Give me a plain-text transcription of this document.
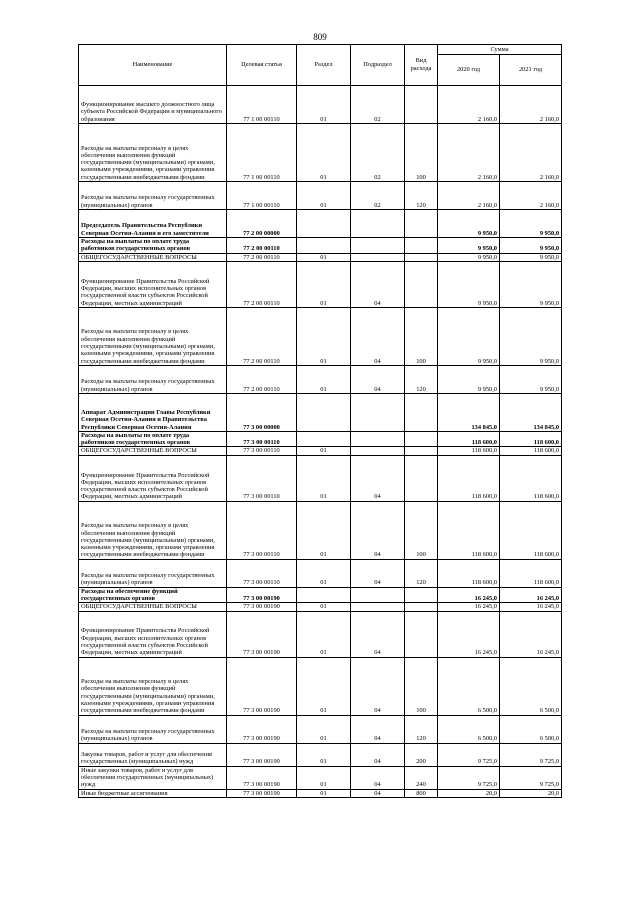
809
Наименование	Целевая статья	Раздел	Подраздел	Вид расхода	Сумма	
					2020 год	2021 год
Функционирование высшего должностного лица субъекта Российской Федерации и муниципального образования	77 1 00 00110	01	02		2 160,0	2 160,0
Расходы на выплаты персоналу в целях обеспечения выполнения функций государственными (муниципальными) органами, казенными учреждениями, органами управления государственными внебюджетными фондами	77 1 00 00110	01	02	100	2 160,0	2 160,0
Расходы на выплаты персоналу государственных (муниципальных) органов	77 1 00 00110	01	02	120	2 160,0	2 160,0
Председатель Правительства Республики Северная Осетия-Алания и его заместители	77 2 00 00000				9 950,0	9 950,0
Расходы на выплаты по оплате труда работников государственных органов	77 2 00 00110				9 950,0	9 950,0
ОБЩЕГОСУДАРСТВЕННЫЕ ВОПРОСЫ	77 2 00 00110	01			9 950,0	9 950,0
Функционирование Правительства Российской Федерации, высших исполнительных органов государственной власти субъектов Российской Федерации, местных администраций	77 2 00 00110	01	04		9 950,0	9 950,0
Расходы на выплаты персоналу в целях обеспечения выполнения функций государственными (муниципальными) органами, казенными учреждениями, органами управления государственными внебюджетными фондами	77 2 00 00110	01	04	100	9 950,0	9 950,0
Расходы на выплаты персоналу государственных (муниципальных) органов	77 2 00 00110	01	04	120	9 950,0	9 950,0
Аппарат Администрации Главы Республики Северная Осетия-Алания и Правительства Республики Северная Осетия-Алания	77 3 00 00000				134 845,0	134 845,0
Расходы на выплаты по оплате труда работников государственных органов	77 3 00 00110				118 600,0	118 600,0
ОБЩЕГОСУДАРСТВЕННЫЕ ВОПРОСЫ	77 3 00 00110	01			118 600,0	118 600,0
Функционирование Правительства Российской Федерации, высших исполнительных органов государственной власти субъектов Российской Федерации, местных администраций	77 3 00 00110	01	04		118 600,0	118 600,0
Расходы на выплаты персоналу в целях обеспечения выполнения функций государственными (муниципальными) органами, казенными учреждениями, органами управления государственными внебюджетными фондами	77 3 00 00110	01	04	100	118 600,0	118 600,0
Расходы на выплаты персоналу государственных (муниципальных) органов	77 3 00 00110	01	04	120	118 600,0	118 600,0
Расходы на обеспечение функций государственных органов	77 3 00 00190				16 245,0	16 245,0
ОБЩЕГОСУДАРСТВЕННЫЕ ВОПРОСЫ	77 3 00 00190	01			16 245,0	16 245,0
Функционирование Правительства Российской Федерации, высших исполнительных органов государственной власти субъектов Российской Федерации, местных администраций	77 3 00 00190	01	04		16 245,0	16 245,0
Расходы на выплаты персоналу в целях обеспечения выполнения функций государственными (муниципальными) органами, казенными учреждениями, органами управления государственными внебюджетными фондами	77 3 00 00190	01	04	100	6 500,0	6 500,0
Расходы на выплаты персоналу государственных (муниципальных) органов	77 3 00 00190	01	04	120	6 500,0	6 500,0
Закупка товаров, работ и услуг для обеспечения государственных (муниципальных) нужд	77 3 00 00190	01	04	200	9 725,0	9 725,0
Иные закупки товаров, работ и услуг для обеспечения государственных (муниципальных) нужд	77 3 00 00190	01	04	240	9 725,0	9 725,0
Иные бюджетные ассигнования	77 3 00 00190	01	04	800	20,0	20,0
